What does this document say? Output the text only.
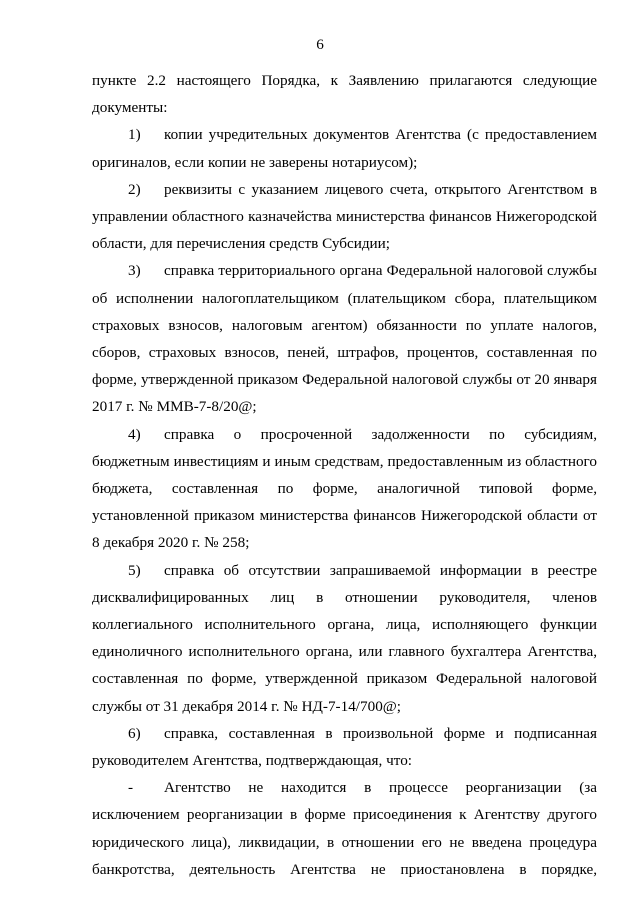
6

пункте 2.2 настоящего Порядка, к Заявлению прилагаются следующие документы:

1) копии учредительных документов Агентства (с предоставлением оригиналов, если копии не заверены нотариусом);

2) реквизиты с указанием лицевого счета, открытого Агентством в управлении областного казначейства министерства финансов Нижегородской области, для перечисления средств Субсидии;

3) справка территориального органа Федеральной налоговой службы об исполнении налогоплательщиком (плательщиком сбора, плательщиком страховых взносов, налоговым агентом) обязанности по уплате налогов, сборов, страховых взносов, пеней, штрафов, процентов, составленная по форме, утвержденной приказом Федеральной налоговой службы от 20 января 2017 г. № ММВ-7-8/20@;

4) справка о просроченной задолженности по субсидиям, бюджетным инвестициям и иным средствам, предоставленным из областного бюджета, составленная по форме, аналогичной типовой форме, установленной приказом министерства финансов Нижегородской области от 8 декабря 2020 г. № 258;

5) справка об отсутствии запрашиваемой информации в реестре дисквалифицированных лиц в отношении руководителя, членов коллегиального исполнительного органа, лица, исполняющего функции единоличного исполнительного органа, или главного бухгалтера Агентства, составленная по форме, утвержденной приказом Федеральной налоговой службы от 31 декабря 2014 г. № НД-7-14/700@;

6) справка, составленная в произвольной форме и подписанная руководителем Агентства, подтверждающая, что:

- Агентство не находится в процессе реорганизации (за исключением реорганизации в форме присоединения к Агентству другого юридического лица), ликвидации, в отношении его не введена процедура банкротства, деятельность Агентства не приостановлена в порядке,
